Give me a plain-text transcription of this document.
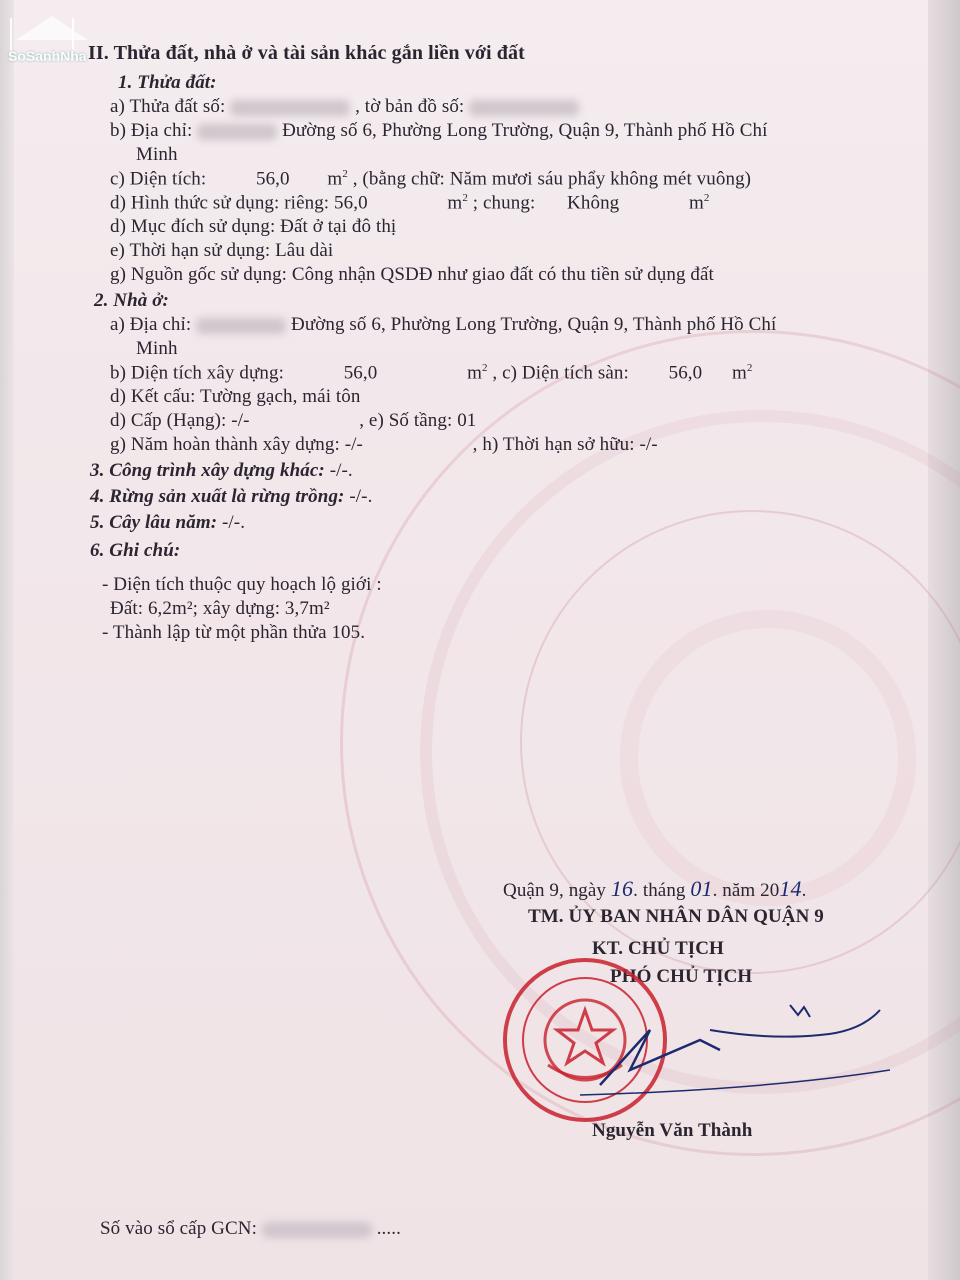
SoSanhNha II. Thửa đất, nhà ở và tài sản khác gắn liền với đất
1. Thửa đất:
a) Thửa đất số:	, tờ bản đồ số:
b) Địa chỉ:	Đường số 6, Phường Long Trường, Quận 9, Thành phố Hồ Chí
Minh
c) Diện tích:	56,0 $m^2$ , (bằng chữ: Năm mươi sáu phẩy không mét vuông)
d) Hình thức sử dụng: riêng: 56,0	$m^2$ ; chung: Không	$m^2$
d) Mục đích sử dụng: Đất ở tại đô thị
e) Thời hạn sử dụng: Lâu dài
g) Nguồn gốc sử dụng: Công nhận QSDĐ như giao đất có thu tiền sử dụng đất
2. Nhà ở:
a) Địa chỉ:	Đường số 6, Phường Long Trường, Quận 9, Thành phố Hồ Chí
Minh
b) Diện tích xây dựng:	56,0	$m^2$ , c) Diện tích sàn: 56,0 $m^2$
d) Kết cấu: Tường gạch, mái tôn
d) Cấp (Hạng): -/-	, e) Số tầng: 01
g) Năm hoàn thành xây dựng: -/-	, h) Thời hạn sở hữu: -/-
3. Công trình xây dựng khác: -/-.
4. Rừng sản xuất là rừng trồng: -/-.
5. Cây lâu năm: -/-.
6. Ghi chú:
- Diện tích thuộc quy hoạch lộ giới :
Đất: 6,2m²; xây dựng: 3,7m²
- Thành lập từ một phần thửa 105.
Quận 9, ngày 16. tháng 01. năm 2014.
TM. ỦY BAN NHÂN DÂN QUẬN 9
KT. CHỦ TỊCH
PHÓ CHỦ TỊCH
Nguyễn Văn Thành
Số vào sổ cấp GCN:	.....
